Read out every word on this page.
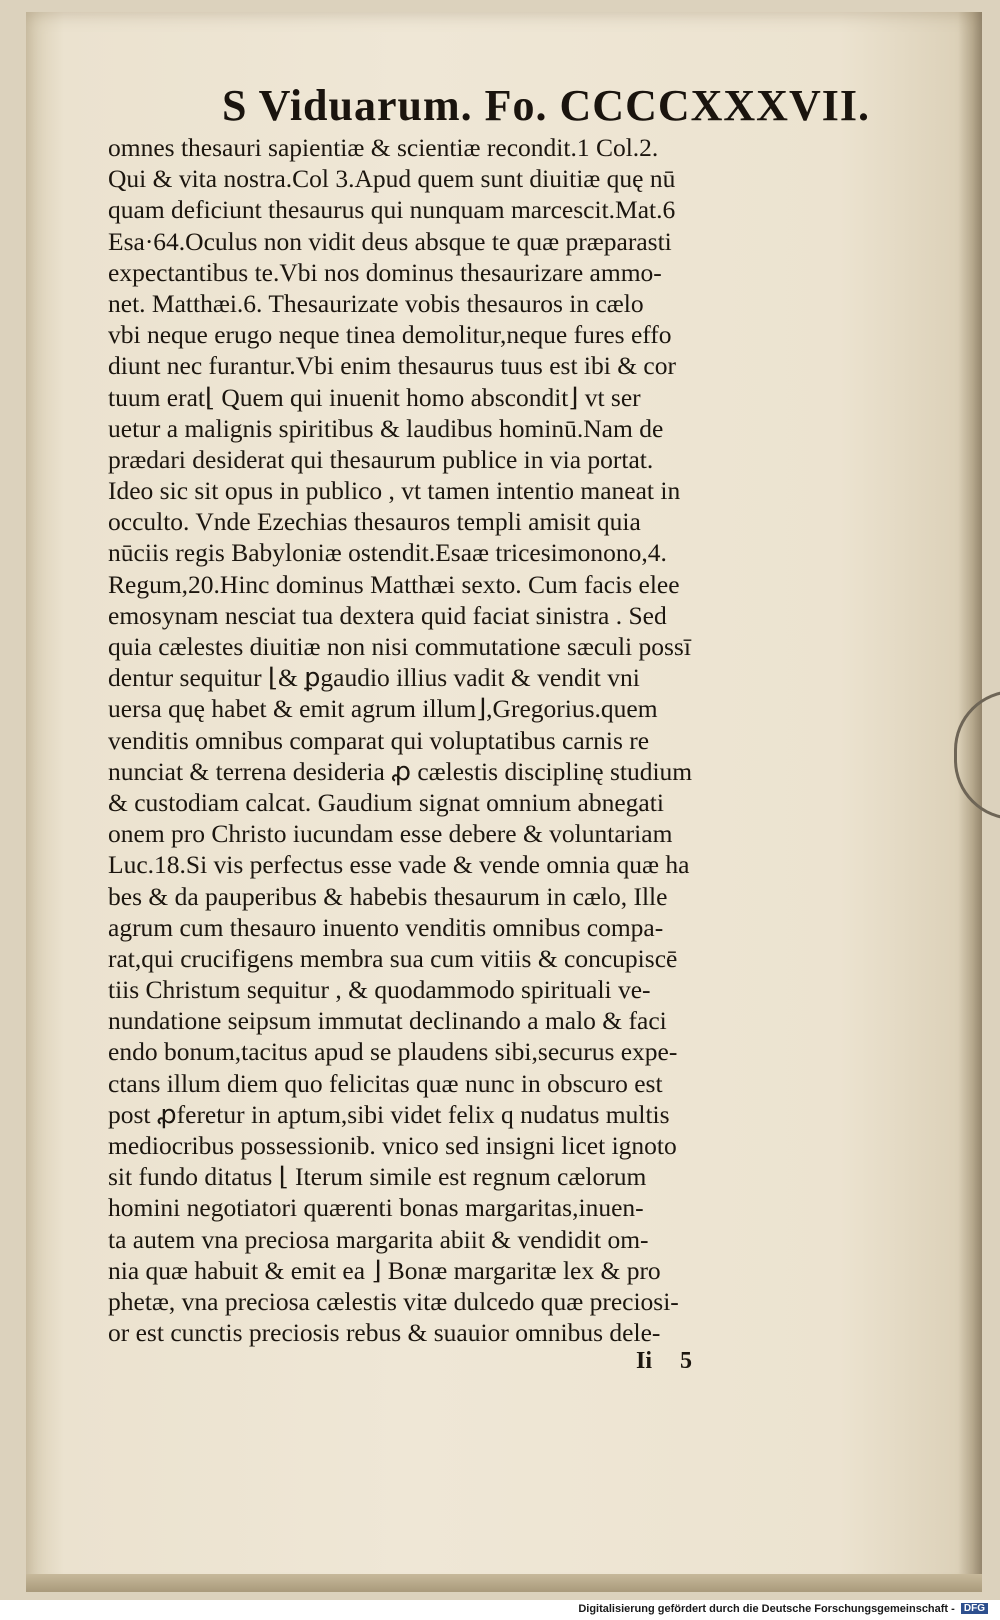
S Viduarum. Fo. CCCCXXXVII.
omnes thesauri sapientiæ & scientiæ recondit.1 Col.2.
Qui & vita nostra.Col 3.Apud quem sunt diuitiæ quę nū
quam deficiunt thesaurus qui nunquam marcescit.Mat.6
Esa·64.Oculus non vidit deus absque te quæ præparasti
expectantibus te.Vbi nos dominus thesaurizare ammo-
net. Matthæi.6. Thesaurizate vobis thesauros in cælo
vbi neque erugo neque tinea demolitur,neque fures effo
diunt nec furantur.Vbi enim thesaurus tuus est ibi & cor
tuum erat⌊ Quem qui inuenit homo abscondit⌋ vt ser
uetur a malignis spiritibus & laudibus hominū.Nam de
prædari desiderat qui thesaurum publice in via portat.
Ideo sic sit opus in publico , vt tamen intentio maneat in
occulto. Vnde Ezechias thesauros templi amisit quia
nūciis regis Babyloniæ ostendit.Esaæ tricesimonono,4.
Regum,20.Hinc dominus Matthæi sexto. Cum facis elee
emosynam nesciat tua dextera quid faciat sinistra . Sed
quia cælestes diuitiæ non nisi commutatione sæculi possī
dentur sequitur ⌊& ꝑgaudio illius vadit & vendit vni
uersa quę habet & emit agrum illum⌋,Gregorius.quem
venditis omnibus comparat qui voluptatibus carnis re
nunciat & terrena desideria ꝓ cælestis disciplinę studium
& custodiam calcat. Gaudium signat omnium abnegati
onem pro Christo iucundam esse debere & voluntariam
Luc.18.Si vis perfectus esse vade & vende omnia quæ ha
bes & da pauperibus & habebis thesaurum in cælo, Ille
agrum cum thesauro inuento venditis omnibus compa-
rat,qui crucifigens membra sua cum vitiis & concupiscē
tiis Christum sequitur , & quodammodo spirituali ve-
nundatione seipsum immutat declinando a malo & faci
endo bonum,tacitus apud se plaudens sibi,securus expe-
ctans illum diem quo felicitas quæ nunc in obscuro est
post ꝓferetur in aptum,sibi videt felix q nudatus multis
mediocribus possessionib. vnico sed insigni licet ignoto
sit fundo ditatus ⌊ Iterum simile est regnum cælorum
homini negotiatori quærenti bonas margaritas,inuen-
ta autem vna preciosa margarita abiit & vendidit om-
nia quæ habuit & emit ea ⌋ Bonæ margaritæ lex & pro
phetæ, vna preciosa cælestis vitæ dulcedo quæ preciosi-
or est cunctis preciosis rebus & suauior omnibus dele-
Ii 5
Digitalisierung gefördert durch die Deutsche Forschungsgemeinschaft - DFG
